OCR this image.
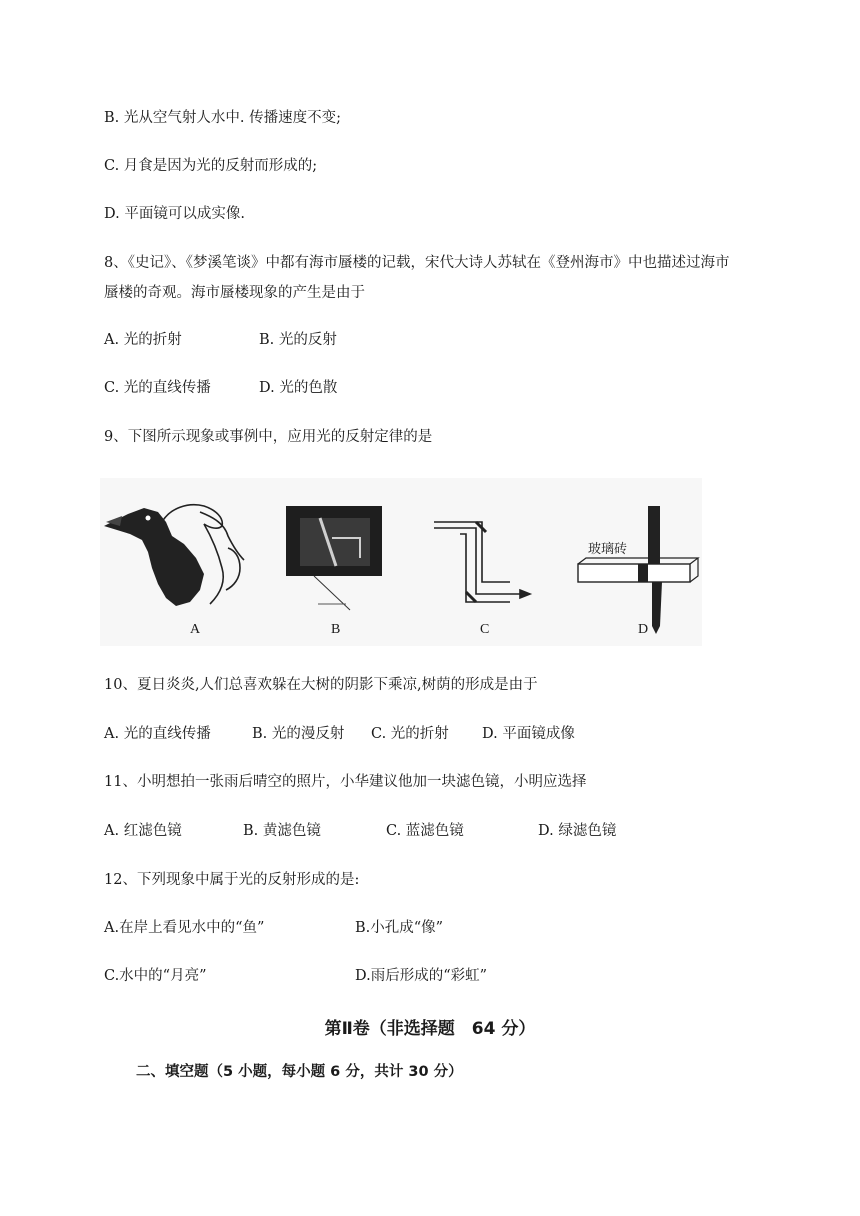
B. 光从空气射人水中. 传播速度不变;
C. 月食是因为光的反射而形成的;
D. 平面镜可以成实像.
8、《史记》、《梦溪笔谈》中都有海市蜃楼的记载，宋代大诗人苏轼在《登州海市》中也描述过海市
蜃楼的奇观。海市蜃楼现象的产生是由于
A. 光的折射	B. 光的反射
C. 光的直线传播	D. 光的色散
9、下图所示现象或事例中，应用光的反射定律的是
玻璃砖
A	B	C	D
10、夏日炎炎,人们总喜欢躲在大树的阴影下乘凉,树荫的形成是由于
A. 光的直线传播	B. 光的漫反射 C. 光的折射 D. 平面镜成像
11、小明想拍一张雨后晴空的照片，小华建议他加一块滤色镜，小明应选择
A. 红滤色镜	B. 黄滤色镜	C. 蓝滤色镜	D. 绿滤色镜
12、下列现象中属于光的反射形成的是:
A.在岸上看见水中的“鱼”	B.小孔成“像”
C.水中的“月亮”	D.雨后形成的“彩虹”
第Ⅱ卷（非选择题　64 分）
二、填空题（5 小题，每小题 6 分，共计 30 分）
